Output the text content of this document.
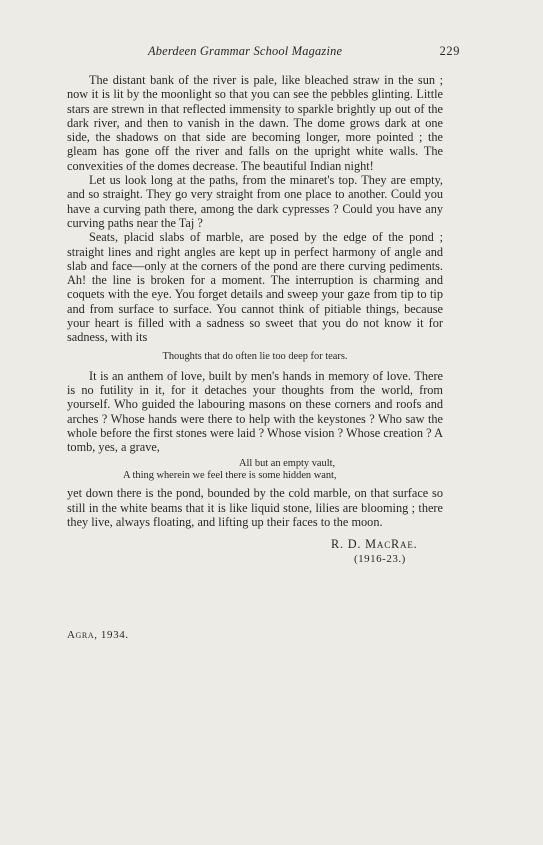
Aberdeen Grammar School Magazine	229

The distant bank of the river is pale, like bleached straw in the sun ; now it is lit by the moonlight so that you can see the pebbles glinting. Little stars are strewn in that reflected immensity to sparkle brightly up out of the dark river, and then to vanish in the dawn. The dome grows dark at one side, the shadows on that side are becoming longer, more pointed ; the gleam has gone off the river and falls on the upright white walls. The convexities of the domes decrease. The beautiful Indian night!

Let us look long at the paths, from the minaret's top. They are empty, and so straight. They go very straight from one place to another. Could you have a curving path there, among the dark cypresses ? Could you have any curving paths near the Taj ?

Seats, placid slabs of marble, are posed by the edge of the pond ; straight lines and right angles are kept up in perfect harmony of angle and slab and face—only at the corners of the pond are there curving pediments. Ah! the line is broken for a moment. The interruption is charming and coquets with the eye. You forget details and sweep your gaze from tip to tip and from surface to surface. You cannot think of pitiable things, because your heart is filled with a sadness so sweet that you do not know it for sadness, with its

Thoughts that do often lie too deep for tears.

It is an anthem of love, built by men's hands in memory of love. There is no futility in it, for it detaches your thoughts from the world, from yourself. Who guided the labouring masons on these corners and roofs and arches ? Whose hands were there to help with the keystones ? Who saw the whole before the first stones were laid ? Whose vision ? Whose creation ? A tomb, yes, a grave,

All but an empty vault,
A thing wherein we feel there is some hidden want,

yet down there is the pond, bounded by the cold marble, on that surface so still in the white beams that it is like liquid stone, lilies are blooming ; there they live, always floating, and lifting up their faces to the moon.

R. D. MacRae.
(1916-23.)
Agra, 1934.
